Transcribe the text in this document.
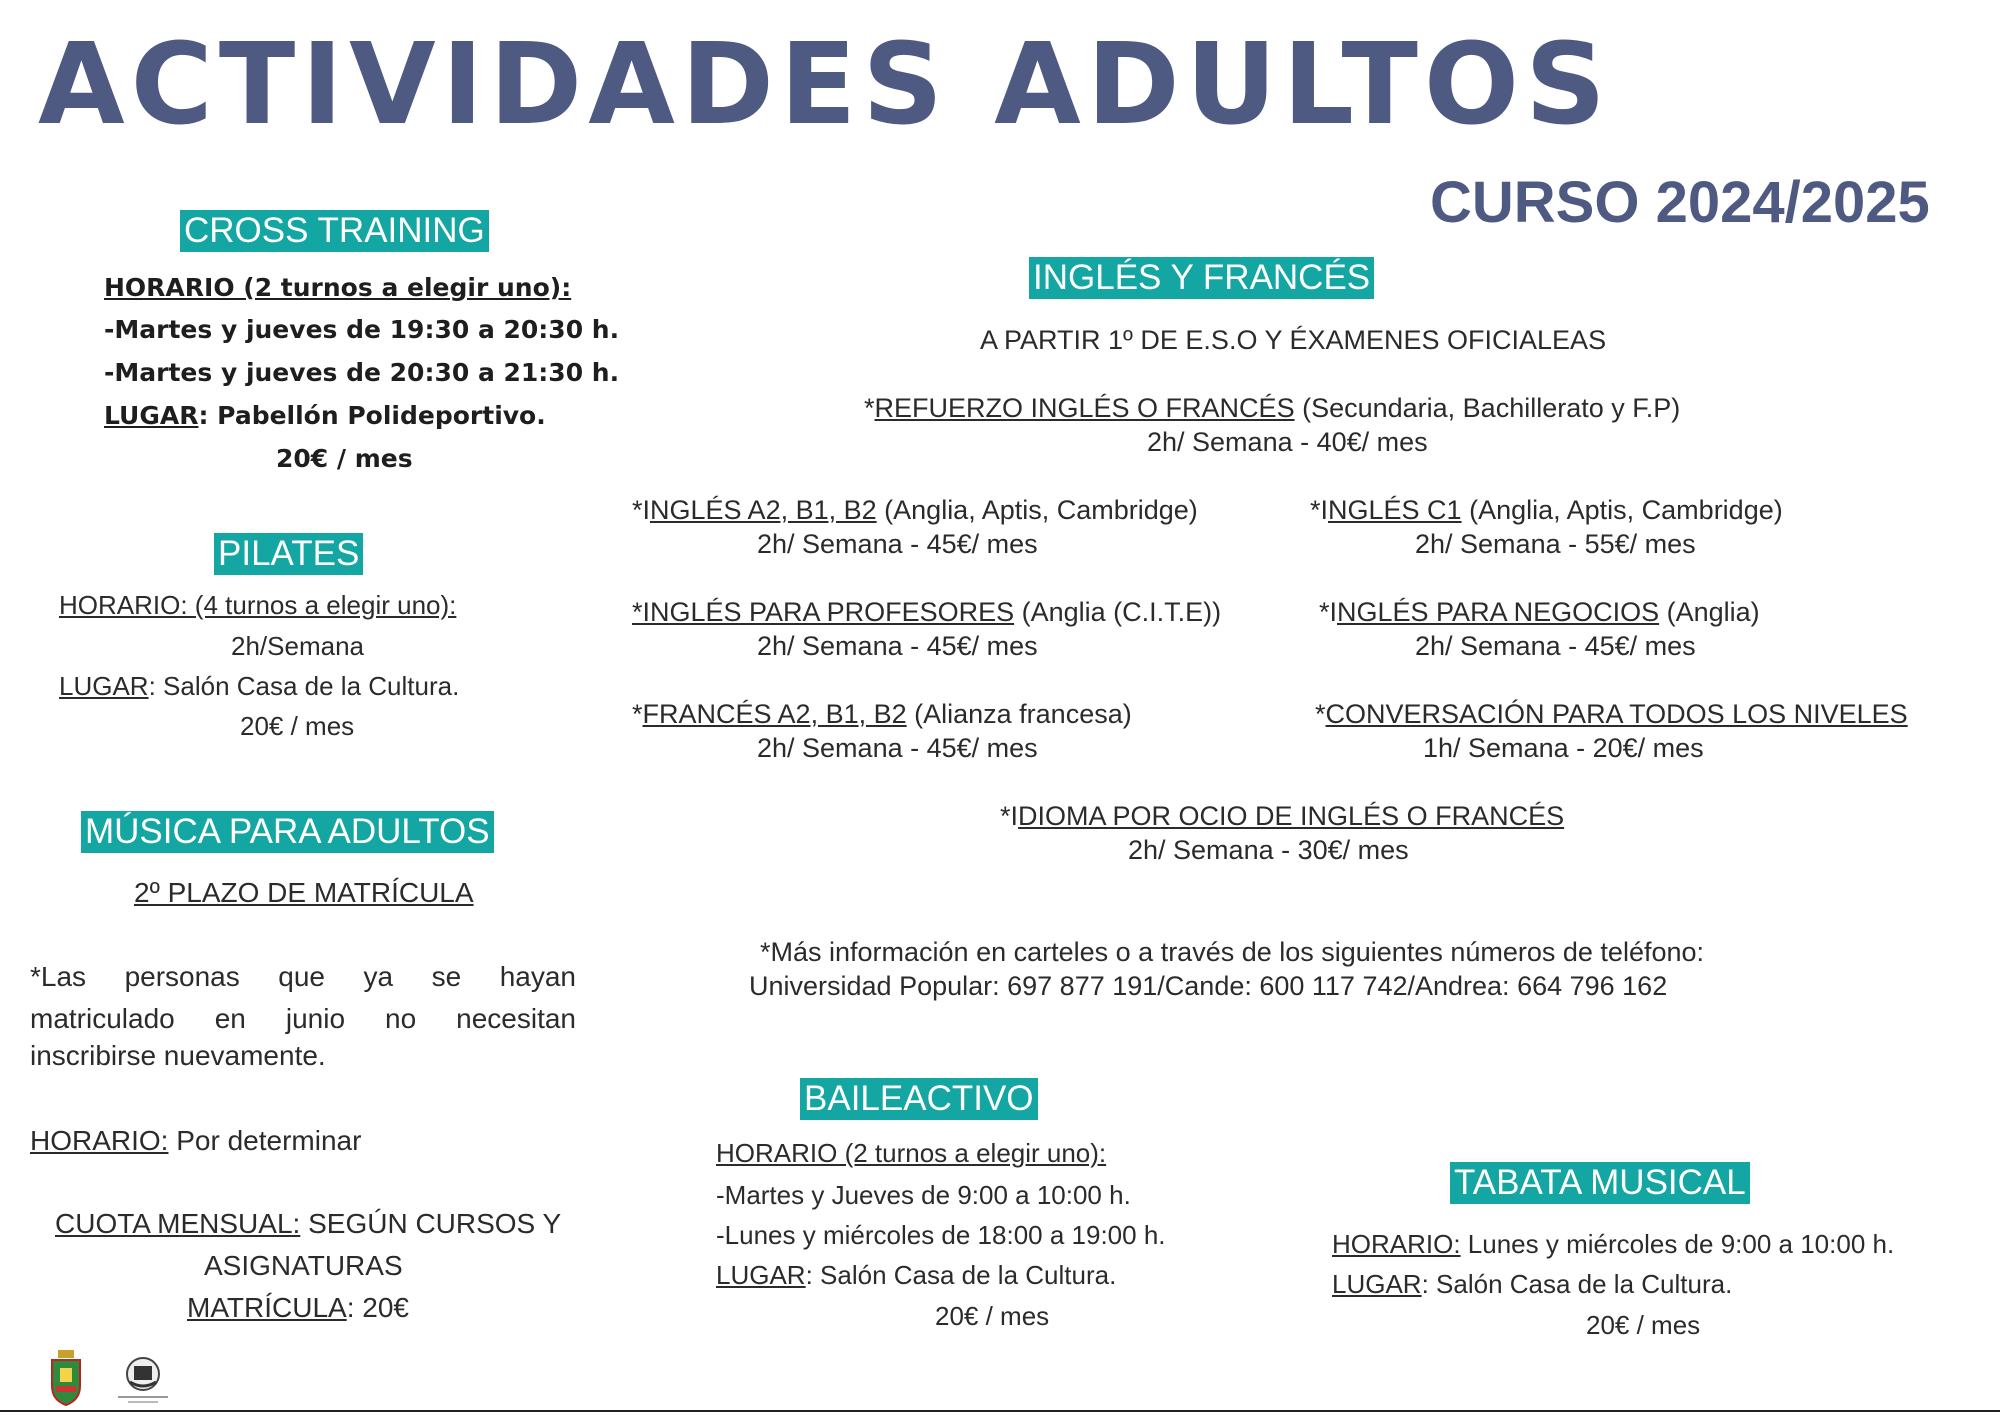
ACTIVIDADES ADULTOS
CURSO 2024/2025
CROSS TRAINING
HORARIO (2 turnos a elegir uno):
-Martes y jueves de 19:30 a 20:30 h.
-Martes y jueves de 20:30 a 21:30 h.
LUGAR: Pabellón Polideportivo.
20€ / mes
PILATES
HORARIO: (4 turnos a elegir uno):
2h/Semana
LUGAR: Salón Casa de la Cultura.
20€ / mes
MÚSICA PARA ADULTOS
2º PLAZO DE MATRÍCULA
*Las personas que ya se hayan
matriculado en junio no necesitan
inscribirse nuevamente.
HORARIO: Por determinar
CUOTA MENSUAL: SEGÚN CURSOS Y
ASIGNATURAS
MATRÍCULA: 20€
INGLÉS Y FRANCÉS
A PARTIR 1º DE E.S.O Y ÉXAMENES OFICIALEAS
*REFUERZO INGLÉS O FRANCÉS (Secundaria, Bachillerato y F.P)
2h/ Semana - 40€/ mes
*INGLÉS A2, B1, B2 (Anglia, Aptis, Cambridge)
2h/ Semana - 45€/ mes
*INGLÉS C1 (Anglia, Aptis, Cambridge)
2h/ Semana - 55€/ mes
*INGLÉS PARA PROFESORES (Anglia (C.I.T.E))
2h/ Semana - 45€/ mes
*INGLÉS PARA NEGOCIOS (Anglia)
2h/ Semana - 45€/ mes
*FRANCÉS A2, B1, B2 (Alianza francesa)
2h/ Semana - 45€/ mes
*CONVERSACIÓN PARA TODOS LOS NIVELES
1h/ Semana - 20€/ mes
*IDIOMA POR OCIO DE INGLÉS O FRANCÉS
2h/ Semana - 30€/ mes
*Más información en carteles o a través de los siguientes números de teléfono:
Universidad Popular: 697 877 191/Cande: 600 117 742/Andrea: 664 796 162
BAILEACTIVO
HORARIO (2 turnos a elegir uno):
-Martes y Jueves de 9:00 a 10:00 h.
-Lunes y miércoles de 18:00 a 19:00 h.
LUGAR: Salón Casa de la Cultura.
20€ / mes
TABATA MUSICAL
HORARIO: Lunes y miércoles de 9:00 a 10:00 h.
LUGAR: Salón Casa de la Cultura.
20€ / mes
